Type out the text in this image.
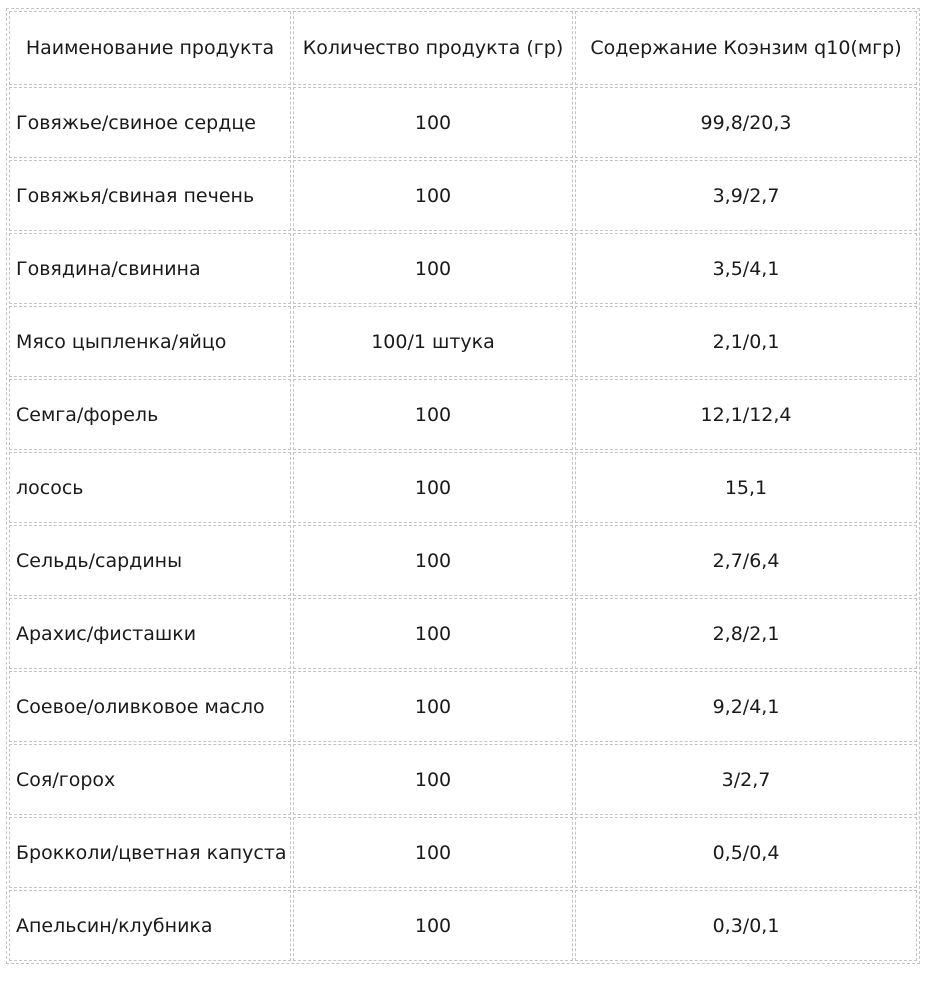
Наименование продукта	Количество продукта (гр)	Содержание Коэнзим q10(мгр)
Говяжье/свиное сердце	100	99,8/20,3
Говяжья/свиная печень	100	3,9/2,7
Говядина/свинина	100	3,5/4,1
Мясо цыпленка/яйцо	100/1 штука	2,1/0,1
Семга/форель	100	12,1/12,4
лосось	100	15,1
Сельдь/сардины	100	2,7/6,4
Арахис/фисташки	100	2,8/2,1
Соевое/оливковое масло	100	9,2/4,1
Соя/горох	100	3/2,7
Брокколи/цветная капуста	100	0,5/0,4
Апельсин/клубника	100	0,3/0,1
